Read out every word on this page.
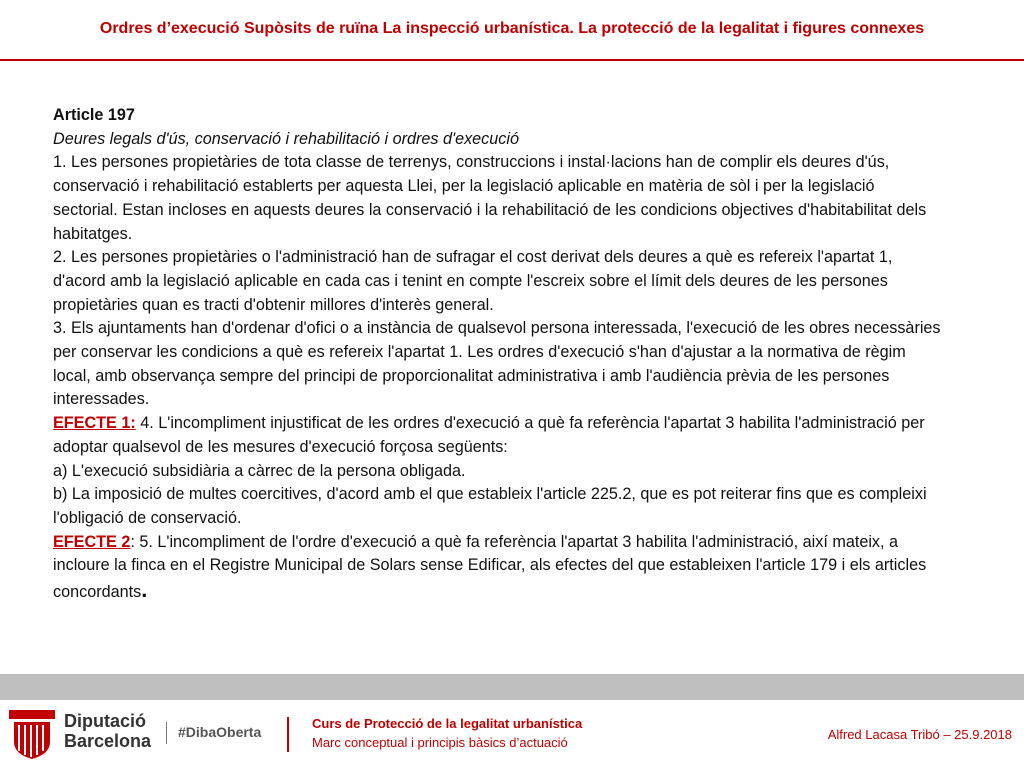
Ordres d’execució Supòsits de ruïna La inspecció urbanística. La protecció de la legalitat i figures connexes

Article 197

Deures legals d'ús, conservació i rehabilitació i ordres d'execució

1. Les persones propietàries de tota classe de terrenys, construccions i instal·lacions han de complir els deures d'ús, conservació i rehabilitació establerts per aquesta Llei, per la legislació aplicable en matèria de sòl i per la legislació sectorial. Estan incloses en aquests deures la conservació i la rehabilitació de les condicions objectives d'habitabilitat dels habitatges.

2. Les persones propietàries o l'administració han de sufragar el cost derivat dels deures a què es refereix l'apartat 1, d'acord amb la legislació aplicable en cada cas i tenint en compte l'escreix sobre el límit dels deures de les persones propietàries quan es tracti d'obtenir millores d'interès general.

3. Els ajuntaments han d'ordenar d'ofici o a instància de qualsevol persona interessada, l'execució de les obres necessàries per conservar les condicions a què es refereix l'apartat 1. Les ordres d'execució s'han d'ajustar a la normativa de règim local, amb observança sempre del principi de proporcionalitat administrativa i amb l'audiència prèvia de les persones interessades.

EFECTE 1: 4. L'incompliment injustificat de les ordres d'execució a què fa referència l'apartat 3 habilita l'administració per adoptar qualsevol de les mesures d'execució forçosa següents:

a) L'execució subsidiària a càrrec de la persona obligada.

b) La imposició de multes coercitives, d'acord amb el que estableix l'article 225.2, que es pot reiterar fins que es compleixi l'obligació de conservació.

EFECTE 2: 5. L'incompliment de l'ordre d'execució a què fa referència l'apartat 3 habilita l'administració, així mateix, a incloure la finca en el Registre Municipal de Solars sense Edificar, als efectes del que estableixen l'article 179 i els articles concordants.

Diputació
Barcelona #DibaOberta
Curs de Protecció de la legalitat urbanística
Marc conceptual i principis bàsics d’actuació
Alfred Lacasa Tribó – 25.9.2018
